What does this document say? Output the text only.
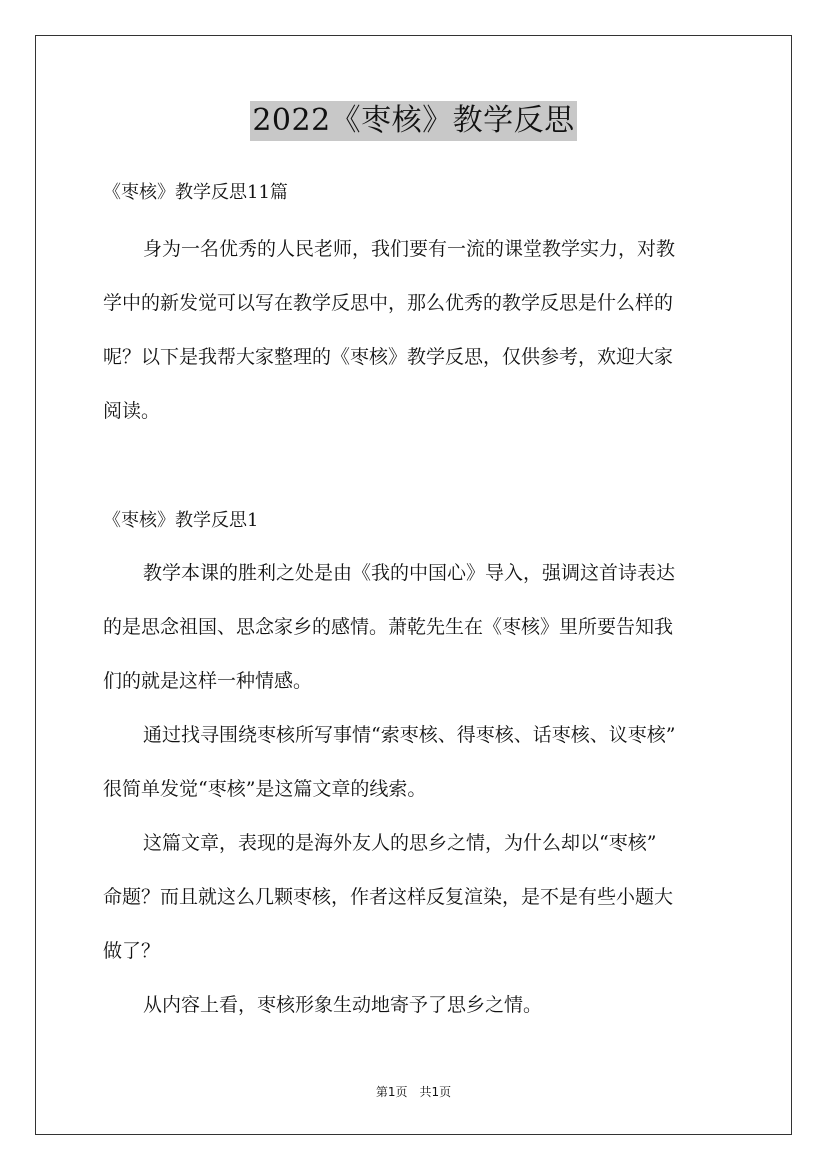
2022《枣核》教学反思

《枣核》教学反思11篇

身为一名优秀的人民老师，我们要有一流的课堂教学实力，对教

学中的新发觉可以写在教学反思中，那么优秀的教学反思是什么样的

呢？以下是我帮大家整理的《枣核》教学反思，仅供参考，欢迎大家

阅读。

《枣核》教学反思1

教学本课的胜利之处是由《我的中国心》导入，强调这首诗表达

的是思念祖国、思念家乡的感情。萧乾先生在《枣核》里所要告知我

们的就是这样一种情感。

通过找寻围绕枣核所写事情“索枣核、得枣核、话枣核、议枣核”

很简单发觉“枣核”是这篇文章的线索。

这篇文章，表现的是海外友人的思乡之情，为什么却以“枣核”

命题？而且就这么几颗枣核，作者这样反复渲染，是不是有些小题大

做了？

从内容上看，枣核形象生动地寄予了思乡之情。

第1页　共1页
